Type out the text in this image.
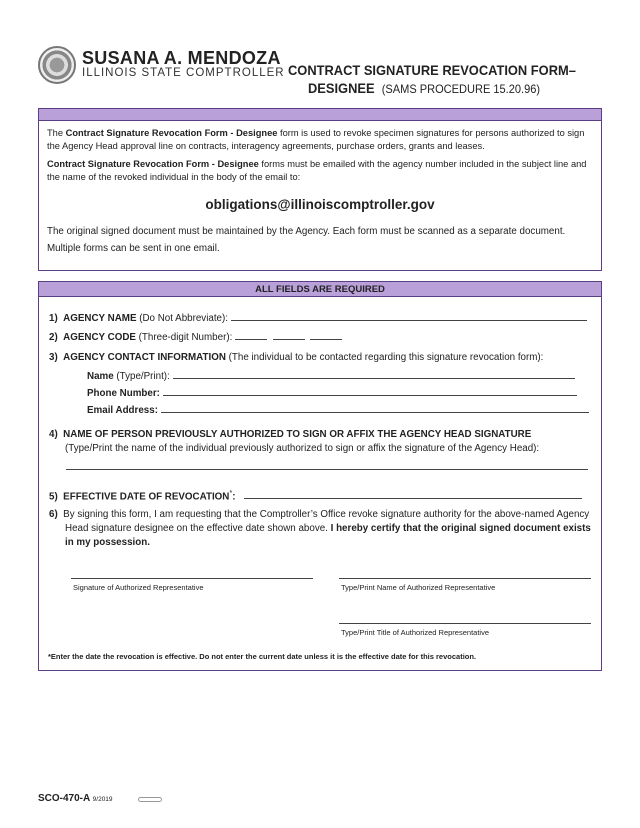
SUSANA A. MENDOZA
ILLINOIS STATE COMPTROLLER CONTRACT SIGNATURE REVOCATION FORM–
DESIGNEE (SAMS PROCEDURE 15.20.96)

The Contract Signature Revocation Form - Designee form is used to revoke specimen signatures for persons authorized to sign the Agency Head approval line on contracts, interagency agreements, purchase orders, grants and leases.

Contract Signature Revocation Form - Designee forms must be emailed with the agency number included in the subject line and the name of the revoked individual in the body of the email to:

obligations@illinoiscomptroller.gov

The original signed document must be maintained by the Agency. Each form must be scanned as a separate document.

Multiple forms can be sent in one email.

ALL FIELDS ARE REQUIRED
1) AGENCY NAME (Do Not Abbreviate):
2) AGENCY CODE (Three-digit Number):
3) AGENCY CONTACT INFORMATION (The individual to be contacted regarding this signature revocation form):
Name (Type/Print):
Phone Number:
Email Address:
4) NAME OF PERSON PREVIOUSLY AUTHORIZED TO SIGN OR AFFIX THE AGENCY HEAD SIGNATURE
(Type/Print the name of the individual previously authorized to sign or affix the signature of the Agency Head):
5) EFFECTIVE DATE OF REVOCATION*:
6) By signing this form, I am requesting that the Comptroller’s Office revoke signature authority for the above-named Agency Head signature designee on the effective date shown above. I hereby certify that the original signed document exists in my possession.
Signature of Authorized Representative	Type/Print Name of Authorized Representative
Type/Print Title of Authorized Representative
*Enter the date the revocation is effective. Do not enter the current date unless it is the effective date for this revocation.
SCO-470-A 9/2019
